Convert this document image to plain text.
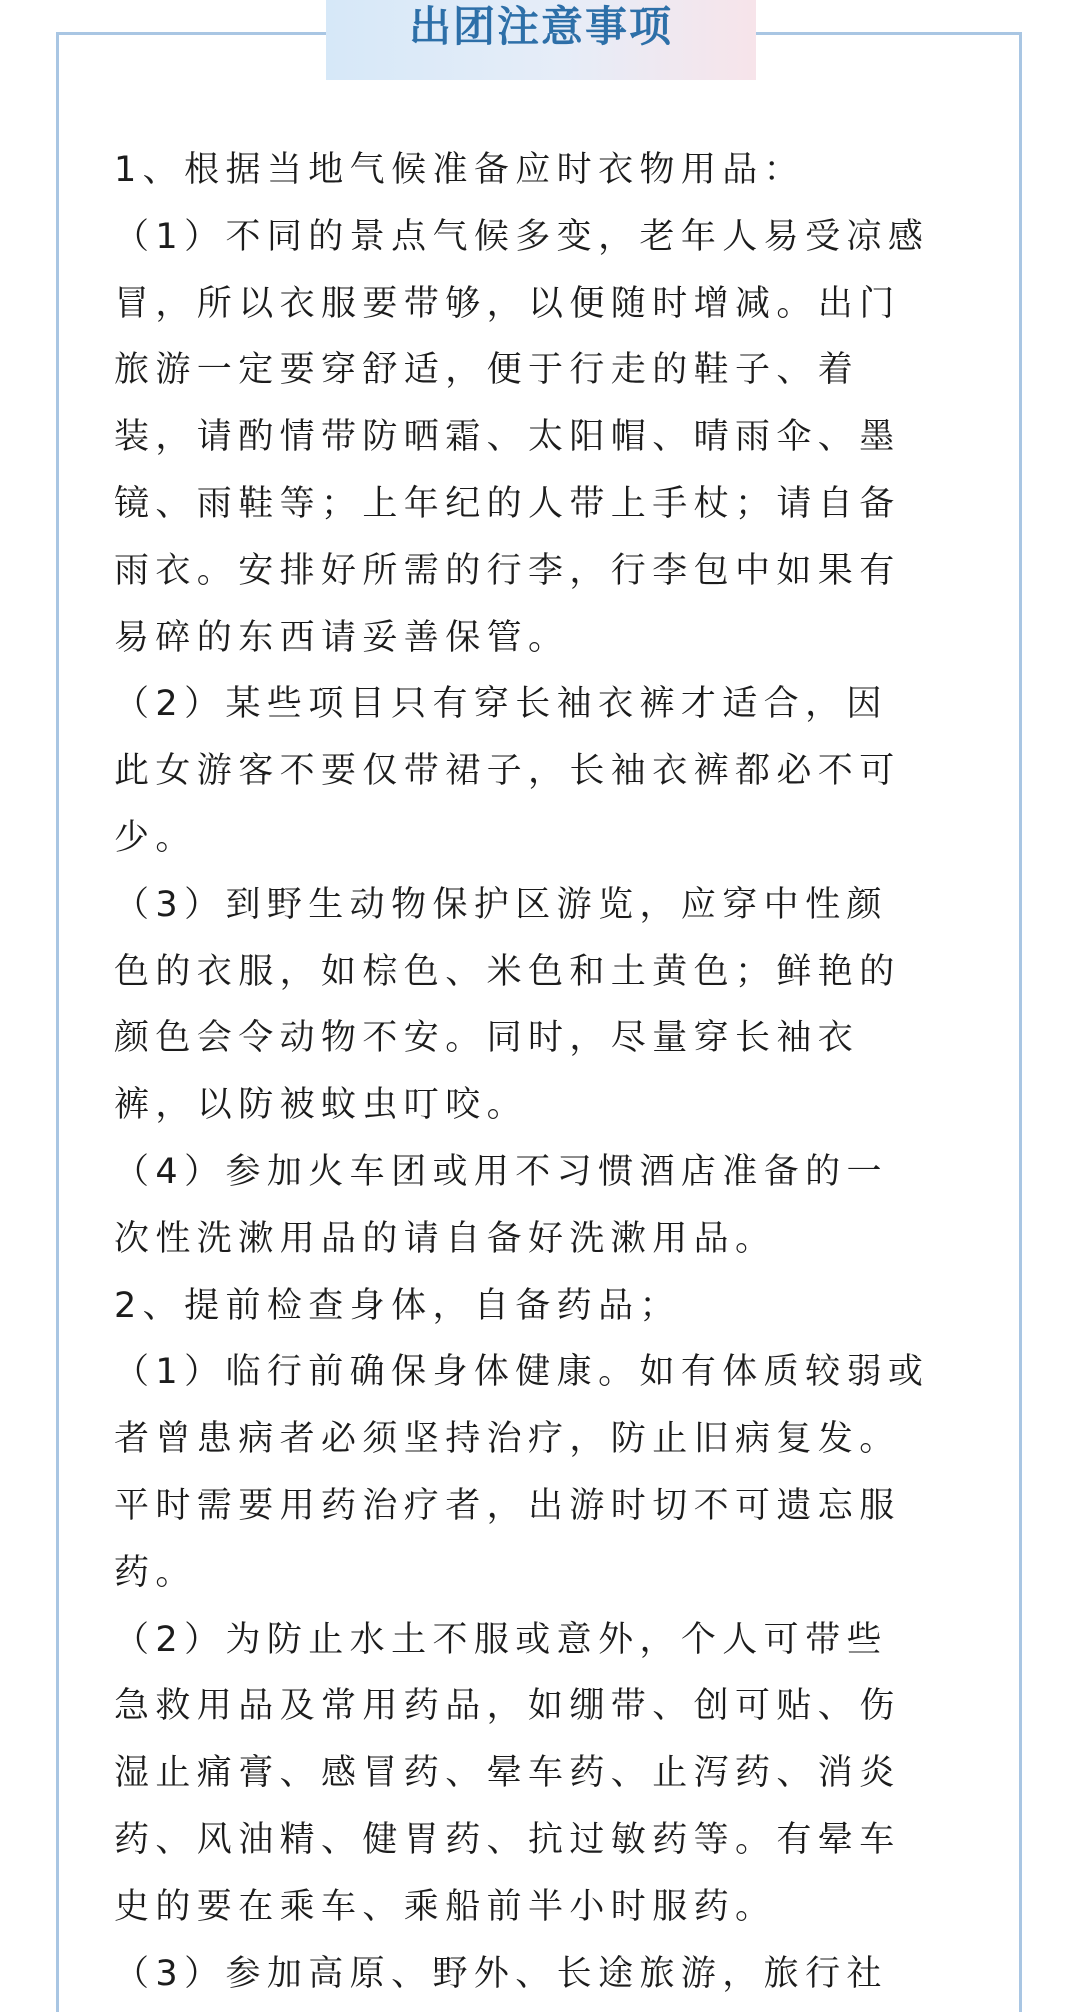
出团注意事项
1、根据当地气候准备应时衣物用品：
（1）不同的景点气候多变，老年人易受凉感
冒，所以衣服要带够，以便随时增减。出门
旅游一定要穿舒适，便于行走的鞋子、着
装，请酌情带防晒霜、太阳帽、晴雨伞、墨
镜、雨鞋等；上年纪的人带上手杖；请自备
雨衣。安排好所需的行李，行李包中如果有
易碎的东西请妥善保管。
（2）某些项目只有穿长袖衣裤才适合，因
此女游客不要仅带裙子，长袖衣裤都必不可
少。
（3）到野生动物保护区游览，应穿中性颜
色的衣服，如棕色、米色和土黄色；鲜艳的
颜色会令动物不安。同时，尽量穿长袖衣
裤，以防被蚊虫叮咬。
（4）参加火车团或用不习惯酒店准备的一
次性洗漱用品的请自备好洗漱用品。
2、提前检查身体，自备药品；
（1）临行前确保身体健康。如有体质较弱或
者曾患病者必须坚持治疗，防止旧病复发。
平时需要用药治疗者，出游时切不可遗忘服
药。
（2）为防止水土不服或意外，个人可带些
急救用品及常用药品，如绷带、创可贴、伤
湿止痛膏、感冒药、晕车药、止泻药、消炎
药、风油精、健胃药、抗过敏药等。有晕车
史的要在乘车、乘船前半小时服药。
（3）参加高原、野外、长途旅游，旅行社
